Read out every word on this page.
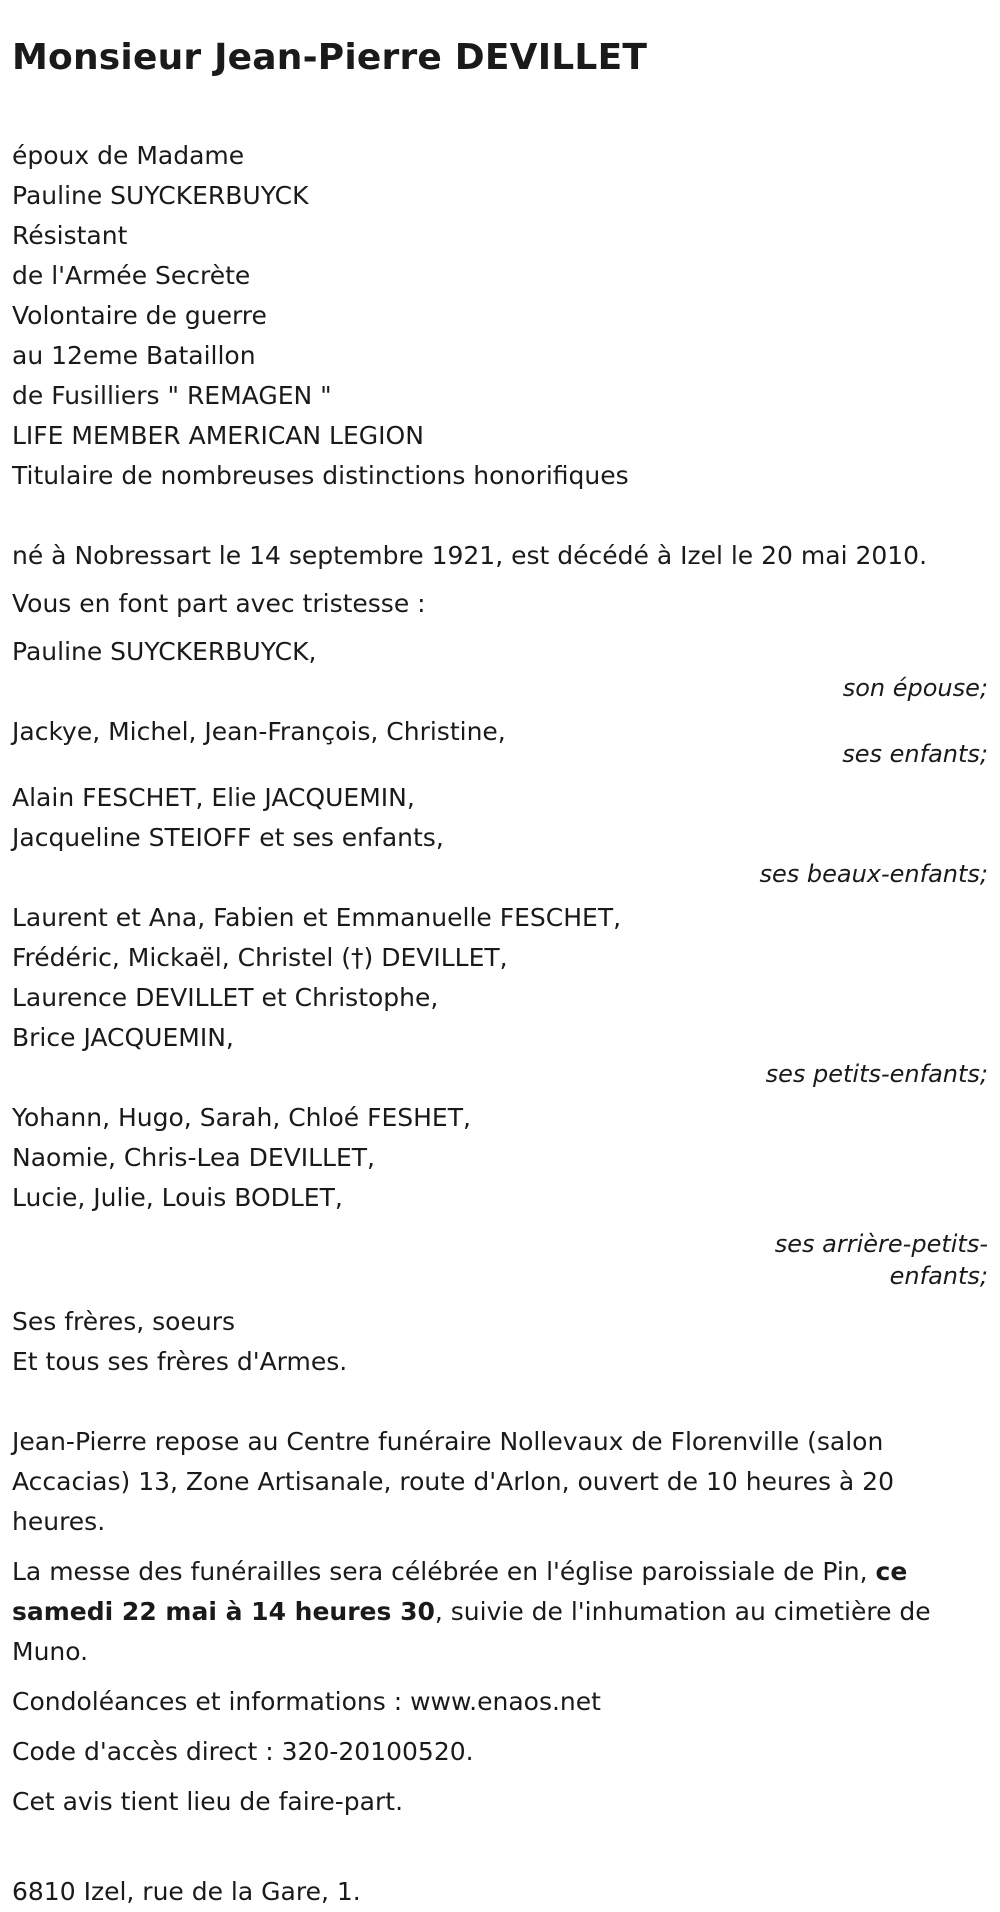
Monsieur Jean-Pierre DEVILLET
époux de Madame
Pauline SUYCKERBUYCK
Résistant
de l'Armée Secrète
Volontaire de guerre
au 12eme Bataillon
de Fusilliers " REMAGEN "
LIFE MEMBER AMERICAN LEGION
Titulaire de nombreuses distinctions honorifiques

né à Nobressart le 14 septembre 1921, est décédé à Izel le 20 mai 2010.

Vous en font part avec tristesse :

Pauline SUYCKERBUYCK,
son épouse;
Jackye, Michel, Jean-François, Christine,
ses enfants;
Alain FESCHET, Elie JACQUEMIN,
Jacqueline STEIOFF et ses enfants,
ses beaux-enfants;
Laurent et Ana, Fabien et Emmanuelle FESCHET,
Frédéric, Mickaël, Christel (†) DEVILLET,
Laurence DEVILLET et Christophe,
Brice JACQUEMIN,
ses petits-enfants;
Yohann, Hugo, Sarah, Chloé FESHET,
Naomie, Chris-Lea DEVILLET,
Lucie, Julie, Louis BODLET,
ses arrière-petits-enfants;
Ses frères, soeurs
Et tous ses frères d'Armes.

Jean-Pierre repose au Centre funéraire Nollevaux de Florenville (salon Accacias) 13, Zone Artisanale, route d'Arlon, ouvert de 10 heures à 20 heures.

La messe des funérailles sera célébrée en l'église paroissiale de Pin, ce samedi 22 mai à 14 heures 30, suivie de l'inhumation au cimetière de Muno.

Condoléances et informations : www.enaos.net

Code d'accès direct : 320-20100520.

Cet avis tient lieu de faire-part.

6810 Izel, rue de la Gare, 1.
